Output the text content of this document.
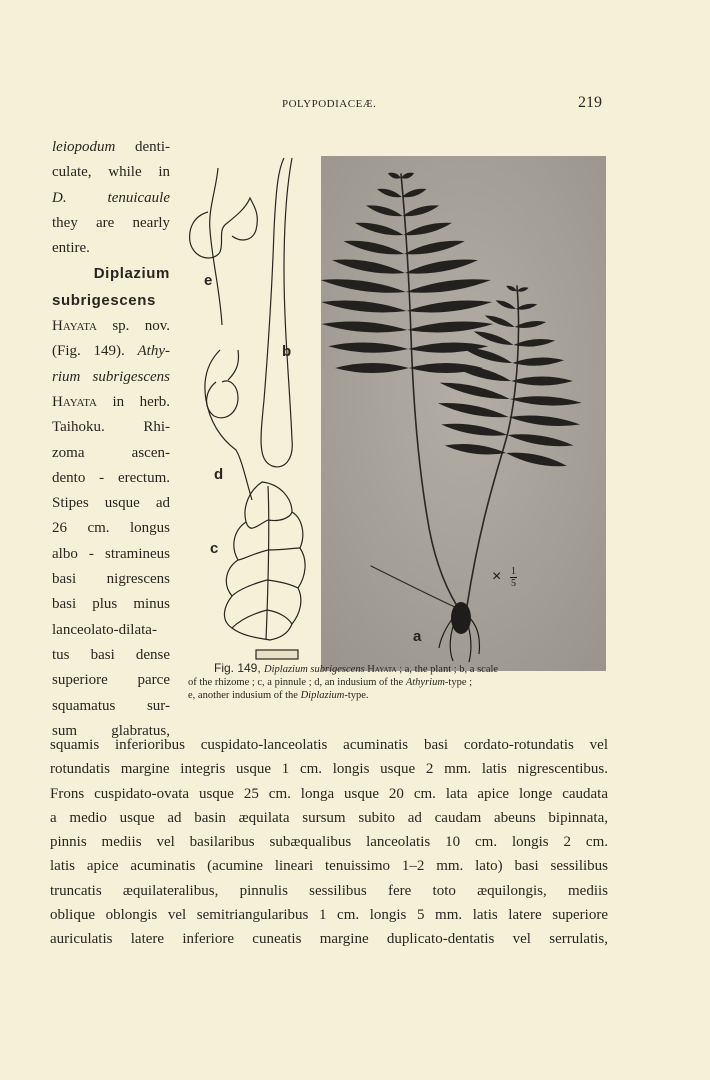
POLYPODIACEÆ.	219
leiopodum denti-
culate, while in
D. tenuicaule
they are nearly
entire.
Diplazium
subrigescens
Hayata sp. nov.
(Fig. 149). Athy-
rium subrigescens
Hayata in herb.
Taihoku. Rhi-
zoma ascen-
dento - erectum.
Stipes usque ad
26 cm. longus
albo - stramineus
basi nigrescens
basi plus minus
lanceolato-dilata-
tus basi dense
superiore parce
squamatus sur-
sum glabratus,
e
b
d
c
a
× $\frac{1}{5}$
Fig. 149, Diplazium subrigescens Hayata ; a, the plant ; b, a scale
of the rhizome ; c, a pinnule ; d, an indusium of the Athyrium-type ;
e, another indusium of the Diplazium-type.
squamis inferioribus cuspidato-lanceolatis acuminatis basi cordato-rotundatis vel
rotundatis margine integris usque 1 cm. longis usque 2 mm. latis nigrescentibus.
Frons cuspidato-ovata usque 25 cm. longa usque 20 cm. lata apice longe caudata
a medio usque ad basin æquilata sursum subito ad caudam abeuns bipinnata,
pinnis mediis vel basilaribus subæqualibus lanceolatis 10 cm. longis 2 cm.
latis apice acuminatis (acumine lineari tenuissimo 1–2 mm. lato) basi sessilibus
truncatis æquilateralibus, pinnulis sessilibus fere toto æquilongis, mediis
oblique oblongis vel semitriangularibus 1 cm. longis 5 mm. latis latere superiore
auriculatis latere inferiore cuneatis margine duplicato-dentatis vel serrulatis,
